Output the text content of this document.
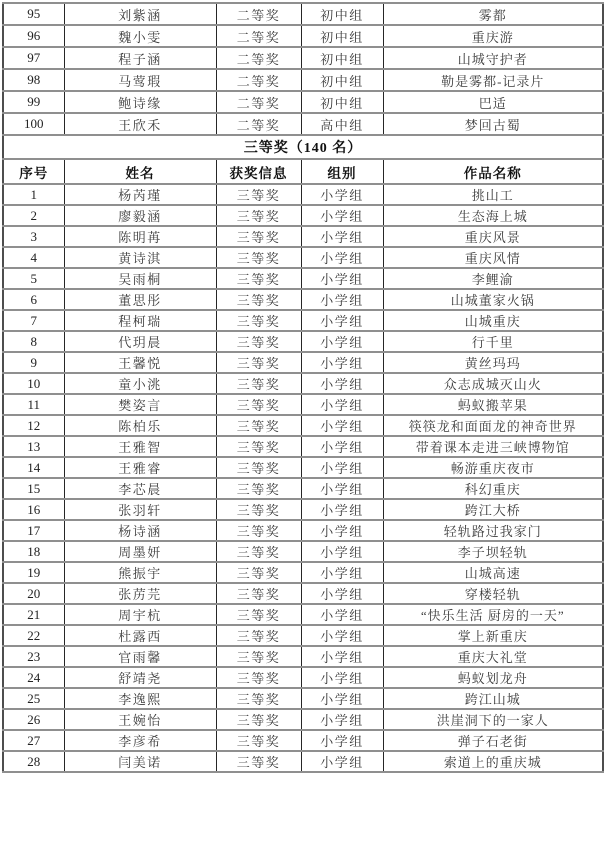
95	刘紫涵	二等奖	初中组	雾都
96	魏小雯	二等奖	初中组	重庆游
97	程子涵	二等奖	初中组	山城守护者
98	马莺瑕	二等奖	初中组	勒是雾都-记录片
99	鲍诗缘	二等奖	初中组	巴适
100	王欣禾	二等奖	高中组	梦回古蜀
三等奖（140 名）				
序号	姓名	获奖信息	组别	作品名称
1	杨芮瑾	三等奖	小学组	挑山工
2	廖毅涵	三等奖	小学组	生态海上城
3	陈明苒	三等奖	小学组	重庆风景
4	黄诗淇	三等奖	小学组	重庆风情
5	吴雨桐	三等奖	小学组	李鲤渝
6	董思彤	三等奖	小学组	山城董家火锅
7	程柯瑞	三等奖	小学组	山城重庆
8	代玥晨	三等奖	小学组	行千里
9	王馨悦	三等奖	小学组	黄丝玛玛
10	童小洮	三等奖	小学组	众志成城灭山火
11	樊姿言	三等奖	小学组	蚂蚁搬苹果
12	陈柏乐	三等奖	小学组	筷筷龙和面面龙的神奇世界
13	王雅智	三等奖	小学组	带着课本走进三峡博物馆
14	王雅睿	三等奖	小学组	畅游重庆夜市
15	李芯晨	三等奖	小学组	科幻重庆
16	张羽轩	三等奖	小学组	跨江大桥
17	杨诗涵	三等奖	小学组	轻轨路过我家门
18	周墨妍	三等奖	小学组	李子坝轻轨
19	熊振宇	三等奖	小学组	山城高速
20	张苈芫	三等奖	小学组	穿楼轻轨
21	周宇杭	三等奖	小学组	“快乐生活 厨房的一天”
22	杜露西	三等奖	小学组	掌上新重庆
23	官雨馨	三等奖	小学组	重庆大礼堂
24	舒靖尧	三等奖	小学组	蚂蚁划龙舟
25	李逸熙	三等奖	小学组	跨江山城
26	王婉怡	三等奖	小学组	洪崖洞下的一家人
27	李彦希	三等奖	小学组	弹子石老街
28	闫美诺	三等奖	小学组	索道上的重庆城
